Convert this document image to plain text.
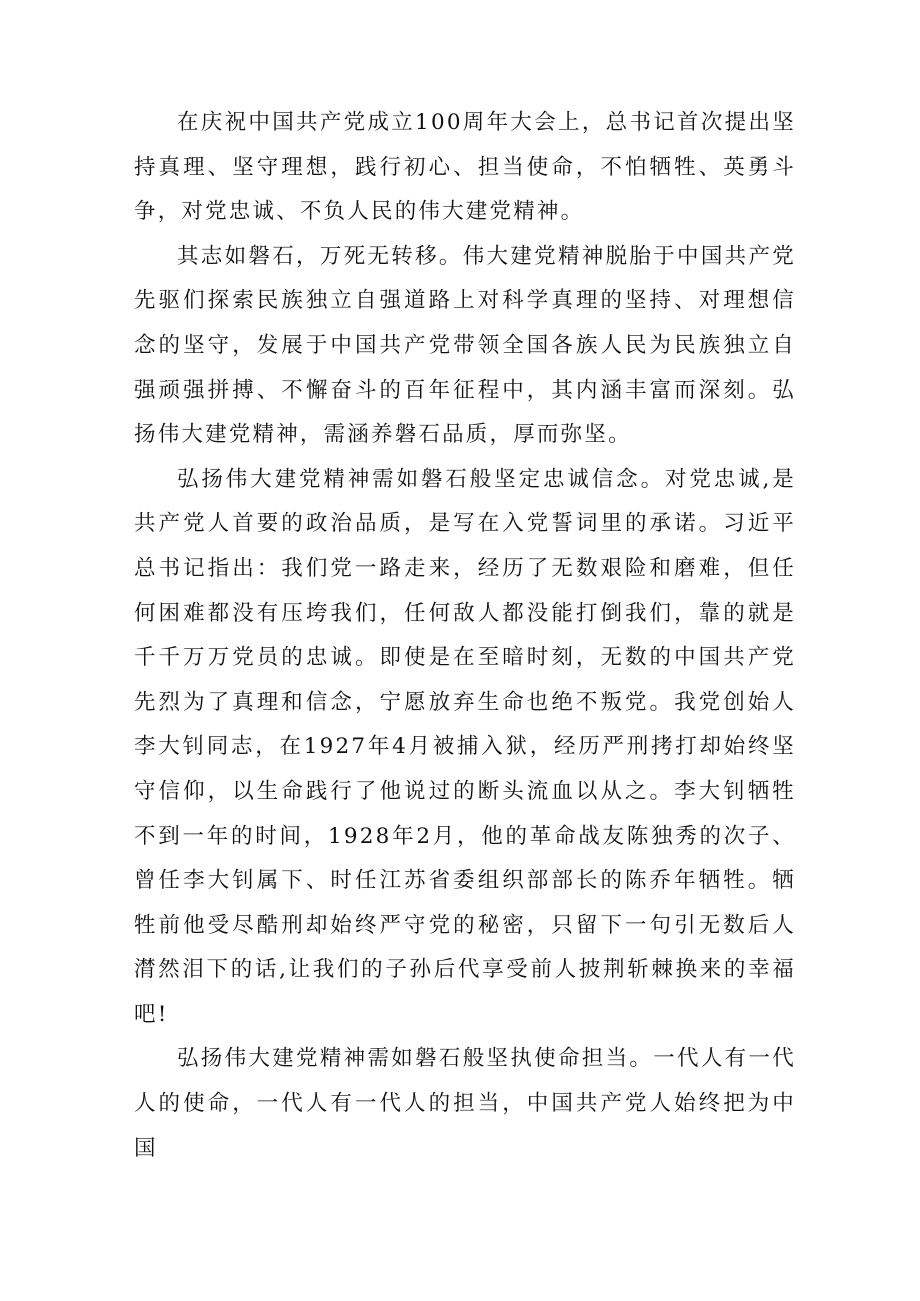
在庆祝中国共产党成立100周年大会上，总书记首次提出坚持真理、坚守理想，践行初心、担当使命，不怕牺牲、英勇斗争，对党忠诚、不负人民的伟大建党精神。

其志如磐石，万死无转移。伟大建党精神脱胎于中国共产党先驱们探索民族独立自强道路上对科学真理的坚持、对理想信念的坚守，发展于中国共产党带领全国各族人民为民族独立自强顽强拼搏、不懈奋斗的百年征程中，其内涵丰富而深刻。弘扬伟大建党精神，需涵养磐石品质，厚而弥坚。

弘扬伟大建党精神需如磐石般坚定忠诚信念。对党忠诚,是共产党人首要的政治品质，是写在入党誓词里的承诺。习近平总书记指出：我们党一路走来，经历了无数艰险和磨难，但任何困难都没有压垮我们，任何敌人都没能打倒我们，靠的就是千千万万党员的忠诚。即使是在至暗时刻，无数的中国共产党先烈为了真理和信念，宁愿放弃生命也绝不叛党。我党创始人李大钊同志，在1927年4月被捕入狱，经历严刑拷打却始终坚守信仰，以生命践行了他说过的断头流血以从之。李大钊牺牲不到一年的时间，1928年2月，他的革命战友陈独秀的次子、曾任李大钊属下、时任江苏省委组织部部长的陈乔年牺牲。牺牲前他受尽酷刑却始终严守党的秘密，只留下一句引无数后人潸然泪下的话,让我们的子孙后代享受前人披荆斩棘换来的幸福吧!

弘扬伟大建党精神需如磐石般坚执使命担当。一代人有一代人的使命，一代人有一代人的担当，中国共产党人始终把为中国
